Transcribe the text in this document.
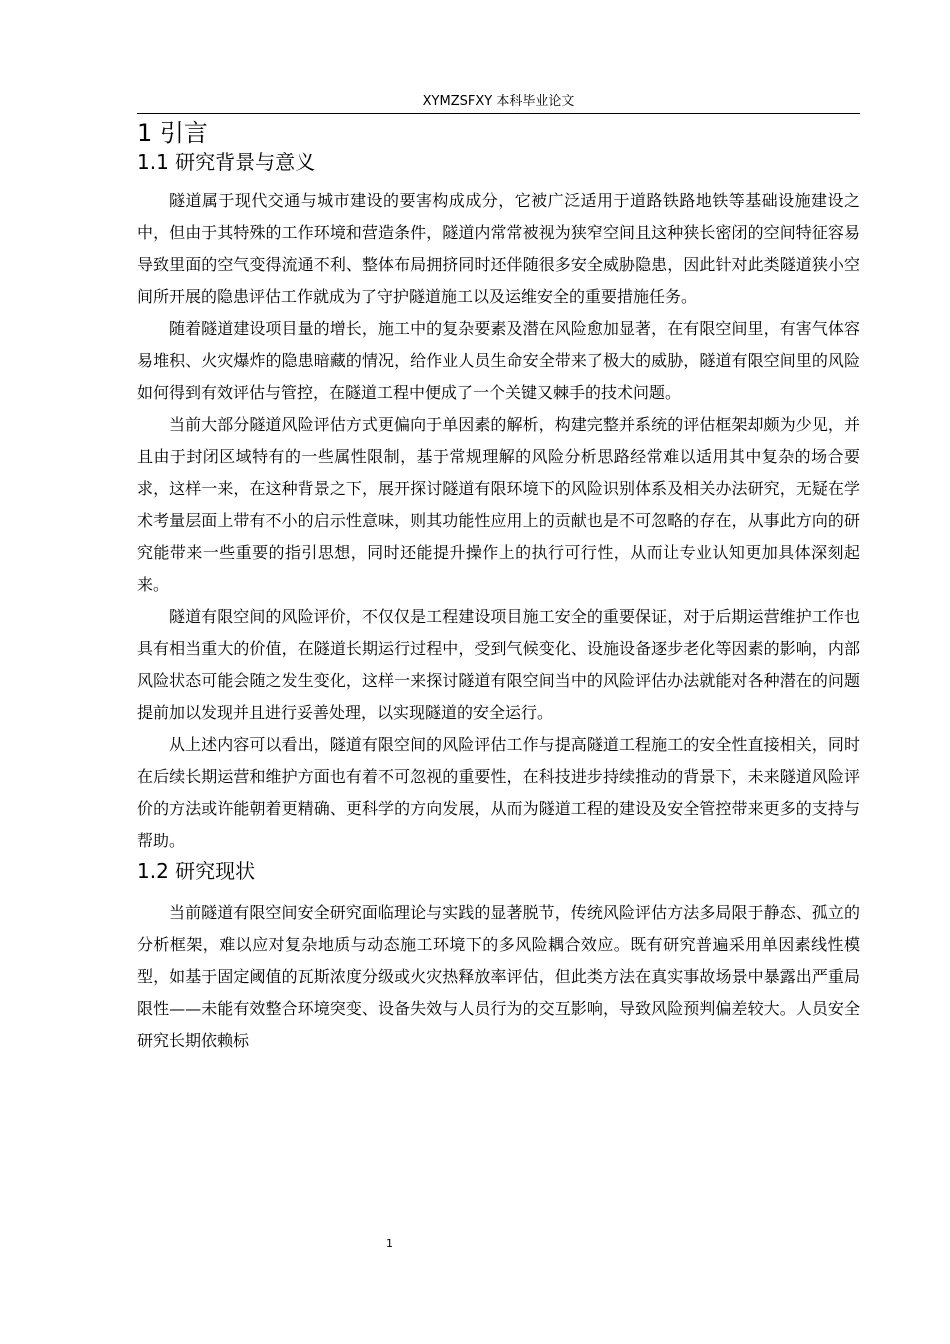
XYMZSFXY 本科毕业论文
1 引言
1.1 研究背景与意义

隧道属于现代交通与城市建设的要害构成成分，它被广泛适用于道路铁路地铁等基础设施建设之中，但由于其特殊的工作环境和营造条件，隧道内常常被视为狭窄空间且这种狭长密闭的空间特征容易导致里面的空气变得流通不利、整体布局拥挤同时还伴随很多安全威胁隐患，因此针对此类隧道狭小空间所开展的隐患评估工作就成为了守护隧道施工以及运维安全的重要措施任务。

随着隧道建设项目量的增长，施工中的复杂要素及潜在风险愈加显著，在有限空间里，有害气体容易堆积、火灾爆炸的隐患暗藏的情况，给作业人员生命安全带来了极大的威胁，隧道有限空间里的风险如何得到有效评估与管控，在隧道工程中便成了一个关键又棘手的技术问题。

当前大部分隧道风险评估方式更偏向于单因素的解析，构建完整并系统的评估框架却颇为少见，并且由于封闭区域特有的一些属性限制，基于常规理解的风险分析思路经常难以适用其中复杂的场合要求，这样一来，在这种背景之下，展开探讨隧道有限环境下的风险识别体系及相关办法研究，无疑在学术考量层面上带有不小的启示性意味，则其功能性应用上的贡献也是不可忽略的存在，从事此方向的研究能带来一些重要的指引思想，同时还能提升操作上的执行可行性，从而让专业认知更加具体深刻起来。

隧道有限空间的风险评价，不仅仅是工程建设项目施工安全的重要保证，对于后期运营维护工作也具有相当重大的价值，在隧道长期运行过程中，受到气候变化、设施设备逐步老化等因素的影响，内部风险状态可能会随之发生变化，这样一来探讨隧道有限空间当中的风险评估办法就能对各种潜在的问题提前加以发现并且进行妥善处理，以实现隧道的安全运行。

从上述内容可以看出，隧道有限空间的风险评估工作与提高隧道工程施工的安全性直接相关，同时在后续长期运营和维护方面也有着不可忽视的重要性，在科技进步持续推动的背景下，未来隧道风险评价的方法或许能朝着更精确、更科学的方向发展，从而为隧道工程的建设及安全管控带来更多的支持与帮助。

1.2 研究现状

当前隧道有限空间安全研究面临理论与实践的显著脱节，传统风险评估方法多局限于静态、孤立的分析框架，难以应对复杂地质与动态施工环境下的多风险耦合效应。既有研究普遍采用单因素线性模型，如基于固定阈值的瓦斯浓度分级或火灾热释放率评估，但此类方法在真实事故场景中暴露出严重局限性——未能有效整合环境突变、设备失效与人员行为的交互影响，导致风险预判偏差较大。人员安全研究长期依赖标

1
